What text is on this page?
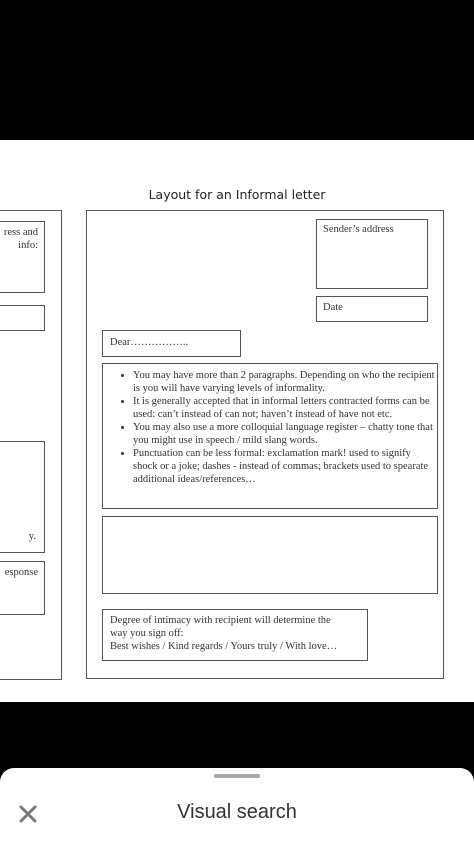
Layout for an Informal letter
ress and
info:
y.
esponse
Sender’s address
Date
Dear……………..
• You may have more than 2 paragraphs. Depending on who the recipient is you will have varying levels of informality.
• It is generally accepted that in informal letters contracted forms can be used: can’t instead of can not; haven’t instead of have not etc.
• You may also use a more colloquial language register – chatty tone that you might use in speech / mild slang words.
• Punctuation can be less formal: exclamation mark! used to signify shock or a joke; dashes - instead of commas; brackets used to spearate additional ideas/references…
Degree of intimacy with recipient will determine the
way you sign off:
Best wishes / Kind regards / Yours truly / With love…
Visual search
